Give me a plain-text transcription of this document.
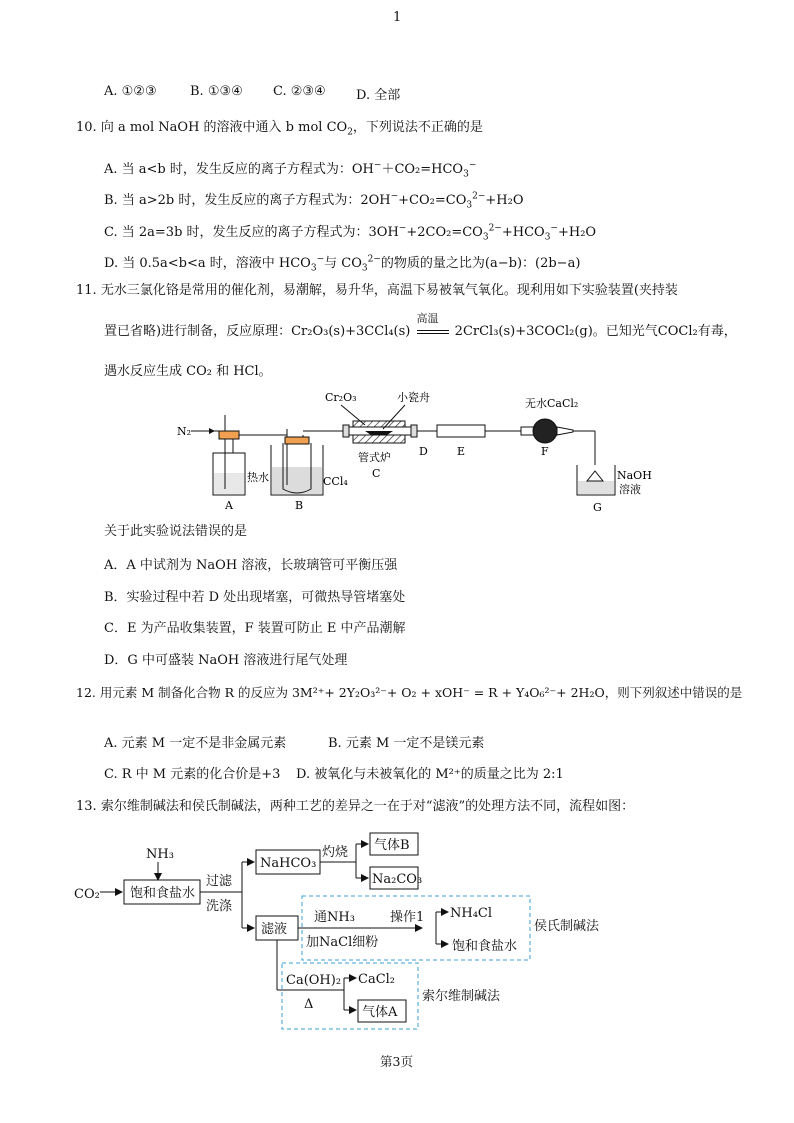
1
A. ①②③	B. ①③④ C. ②③④ D. 全部
10. 向 a mol NaOH 的溶液中通入 b mol $CO_2$，下列说法不正确的是
A. 当 a<b 时，发生反应的离子方程式为：$OH^-+CO_2=HCO_3^-$
B. 当 a>2b 时，发生反应的离子方程式为：$2OH^-+CO_2=CO_3^{2-}+H_2O$
C. 当 2a=3b 时，发生反应的离子方程式为：$3OH^-+2CO_2=CO_3^{2-}+HCO_3^-+H_2O$
D. 当 0.5a<b<a 时，溶液中 $HCO_3^-$与 $CO_3^{2-}$的物质的量之比为(a−b)：(2b−a)
11. 无水三氯化铬是常用的催化剂，易潮解，易升华，高温下易被氧气氧化。现利用如下实验装置(夹持装
置已省略)进行制备，反应原理：Cr₂O₃(s)+3CCl₄(s)
高温
2CrCl₃(s)+3COCl₂(g)。已知光气COCl₂有毒，
遇水反应生成 CO₂ 和 HCl。
N₂
A
热水	CCl₄
B
Cr₂O₃	小瓷舟
管式炉
C
D	E
无水CaCl₂
F
NaOH
溶液
G
关于此实验说法错误的是
A．A 中试剂为 NaOH 溶液，长玻璃管可平衡压强
B．实验过程中若 D 处出现堵塞，可微热导管堵塞处
C．E 为产品收集装置，F 装置可防止 E 中产品潮解
D．G 中可盛装 NaOH 溶液进行尾气处理
12. 用元素 M 制备化合物 R 的反应为 3M²⁺+ 2Y₂O₃²⁻+ O₂ + xOH⁻ = R + Y₄O₆²⁻+ 2H₂O，则下列叙述中错误的是
A. 元素 M 一定不是非金属元素	B. 元素 M 一定不是镁元素
C. R 中 M 元素的化合价是+3 D. 被氧化与未被氧化的 M²⁺的质量之比为 2:1
13. 索尔维制碱法和侯氏制碱法，两种工艺的差异之一在于对“滤液”的处理方法不同，流程如图：
NH₃
CO₂ 饱和食盐水
过滤
洗涤
NaHCO₃
灼烧 气体B
Na₂CO₃
滤液
通NH₃
加NaCl细粉
操作1 NH₄Cl
饱和食盐水
侯氏制碱法
Ca(OH)₂
Δ
CaCl₂
气体A
索尔维制碱法
第3页
